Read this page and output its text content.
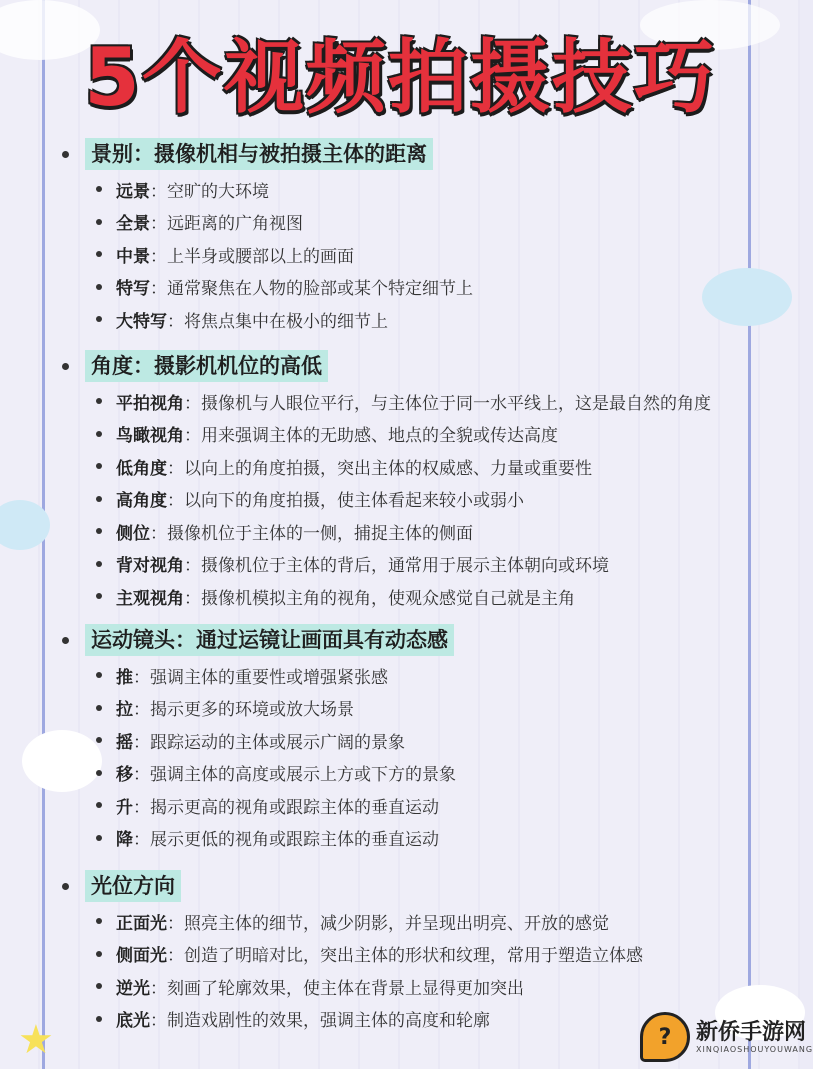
★
5个视频拍摄技巧
景别：摄像机相与被拍摄主体的距离
远景：空旷的大环境
全景：远距离的广角视图
中景：上半身或腰部以上的画面
特写：通常聚焦在人物的脸部或某个特定细节上
大特写：将焦点集中在极小的细节上
角度：摄影机机位的高低
平拍视角：摄像机与人眼位平行，与主体位于同一水平线上，这是最自然的角度
鸟瞰视角：用来强调主体的无助感、地点的全貌或传达高度
低角度：以向上的角度拍摄，突出主体的权威感、力量或重要性
高角度：以向下的角度拍摄，使主体看起来较小或弱小
侧位：摄像机位于主体的一侧，捕捉主体的侧面
背对视角：摄像机位于主体的背后，通常用于展示主体朝向或环境
主观视角：摄像机模拟主角的视角，使观众感觉自己就是主角
运动镜头：通过运镜让画面具有动态感
推：强调主体的重要性或增强紧张感
拉：揭示更多的环境或放大场景
摇：跟踪运动的主体或展示广阔的景象
移：强调主体的高度或展示上方或下方的景象
升：揭示更高的视角或跟踪主体的垂直运动
降：展示更低的视角或跟踪主体的垂直运动
光位方向
正面光：照亮主体的细节，减少阴影，并呈现出明亮、开放的感觉
侧面光：创造了明暗对比，突出主体的形状和纹理，常用于塑造立体感
逆光：刻画了轮廓效果，使主体在背景上显得更加突出
底光：制造戏剧性的效果，强调主体的高度和轮廓
?	新侨手游网
XINQIAOSHOUYOUWANG
